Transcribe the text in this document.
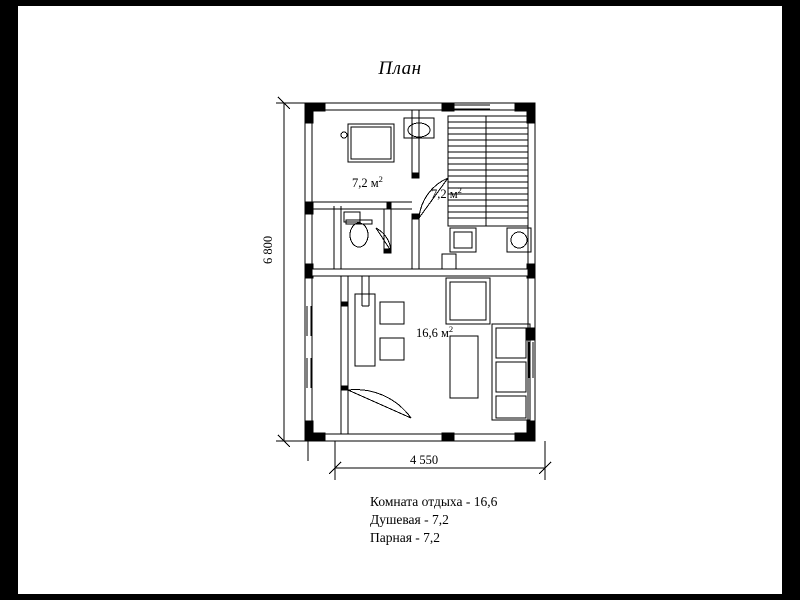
План
6 800
4 550
7,2 $м^2$
7,2 $м^2$
16,6 $м^2$
Комната отдыха - 16,6
Душевая - 7,2
Парная - 7,2
